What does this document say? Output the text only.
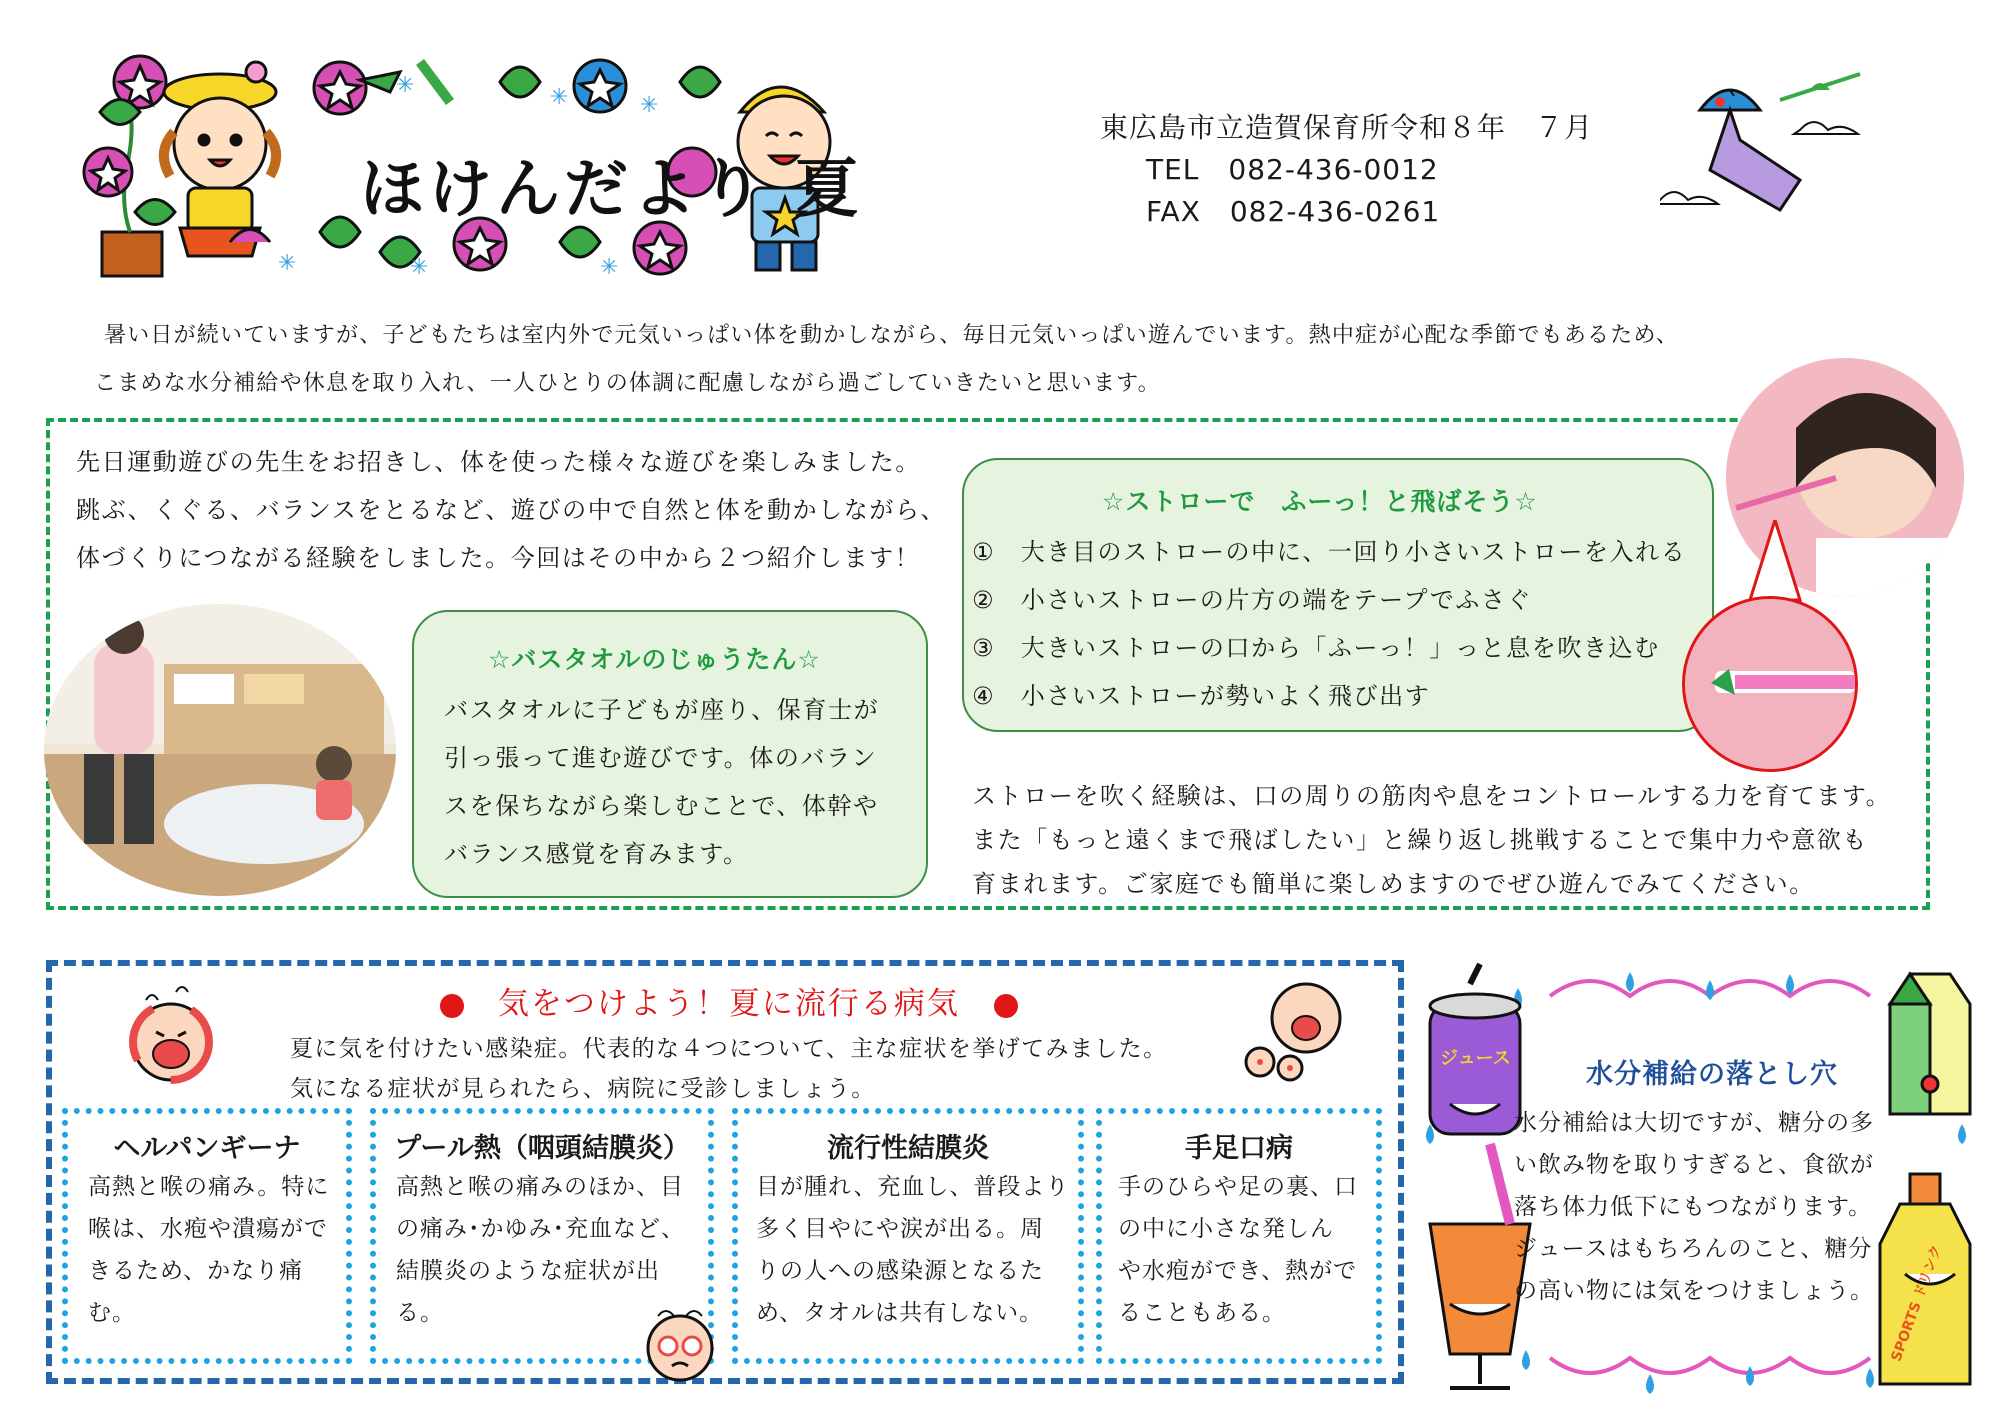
✳	✳	✳
✳	✳	✳
ほけんだより 夏
東広島市立造賀保育所令和８年　７月
TEL　082-436-0012
FAX　082-436-0261
暑い日が続いていますが、子どもたちは室内外で元気いっぱい体を動かしながら、毎日元気いっぱい遊んでいます。熱中症が心配な季節でもあるため、
こまめな水分補給や休息を取り入れ、一人ひとりの体調に配慮しながら過ごしていきたいと思います。
先日運動遊びの先生をお招きし、体を使った様々な遊びを楽しみました。
跳ぶ、くぐる、バランスをとるなど、遊びの中で自然と体を動かしながら、
体づくりにつながる経験をしました。今回はその中から２つ紹介します！
☆バスタオルのじゅうたん☆
バスタオルに子どもが座り、保育士が
引っ張って進む遊びです。体のバラン
スを保ちながら楽しむことで、体幹や
バランス感覚を育みます。
☆ストローで　ふーっ！と飛ばそう☆
①　大き目のストローの中に、一回り小さいストローを入れる
②　小さいストローの片方の端をテープでふさぐ
③　大きいストローの口から「ふーっ！」っと息を吹き込む
④　小さいストローが勢いよく飛び出す
ストローを吹く経験は、口の周りの筋肉や息をコントロールする力を育てます。
また「もっと遠くまで飛ばしたい」と繰り返し挑戦することで集中力や意欲も
育まれます。ご家庭でも簡単に楽しめますのでぜひ遊んでみてください。
気をつけよう！夏に流行る病気
夏に気を付けたい感染症。代表的な４つについて、主な症状を挙げてみました。
気になる症状が見られたら、病院に受診しましょう。
ヘルパンギーナ
高熱と喉の痛み。特に
喉は、水疱や潰瘍がで
きるため、かなり痛
む。
プール熱（咽頭結膜炎）
高熱と喉の痛みのほか、目
の痛み･かゆみ･充血など、
結膜炎のような症状が出
る。
流行性結膜炎
目が腫れ、充血し、普段より
多く目やにや涙が出る。周
りの人への感染源となるた
め、タオルは共有しない。
手足口病
手のひらや足の裏、口
の中に小さな発しん
や水疱ができ、熱がで
ることもある。
ジュース
SPORTS ドリンク
水分補給の落とし穴
水分補給は大切ですが、糖分の多
い飲み物を取りすぎると、食欲が
落ち体力低下にもつながります。
ジュースはもちろんのこと、糖分
の高い物には気をつけましょう。
